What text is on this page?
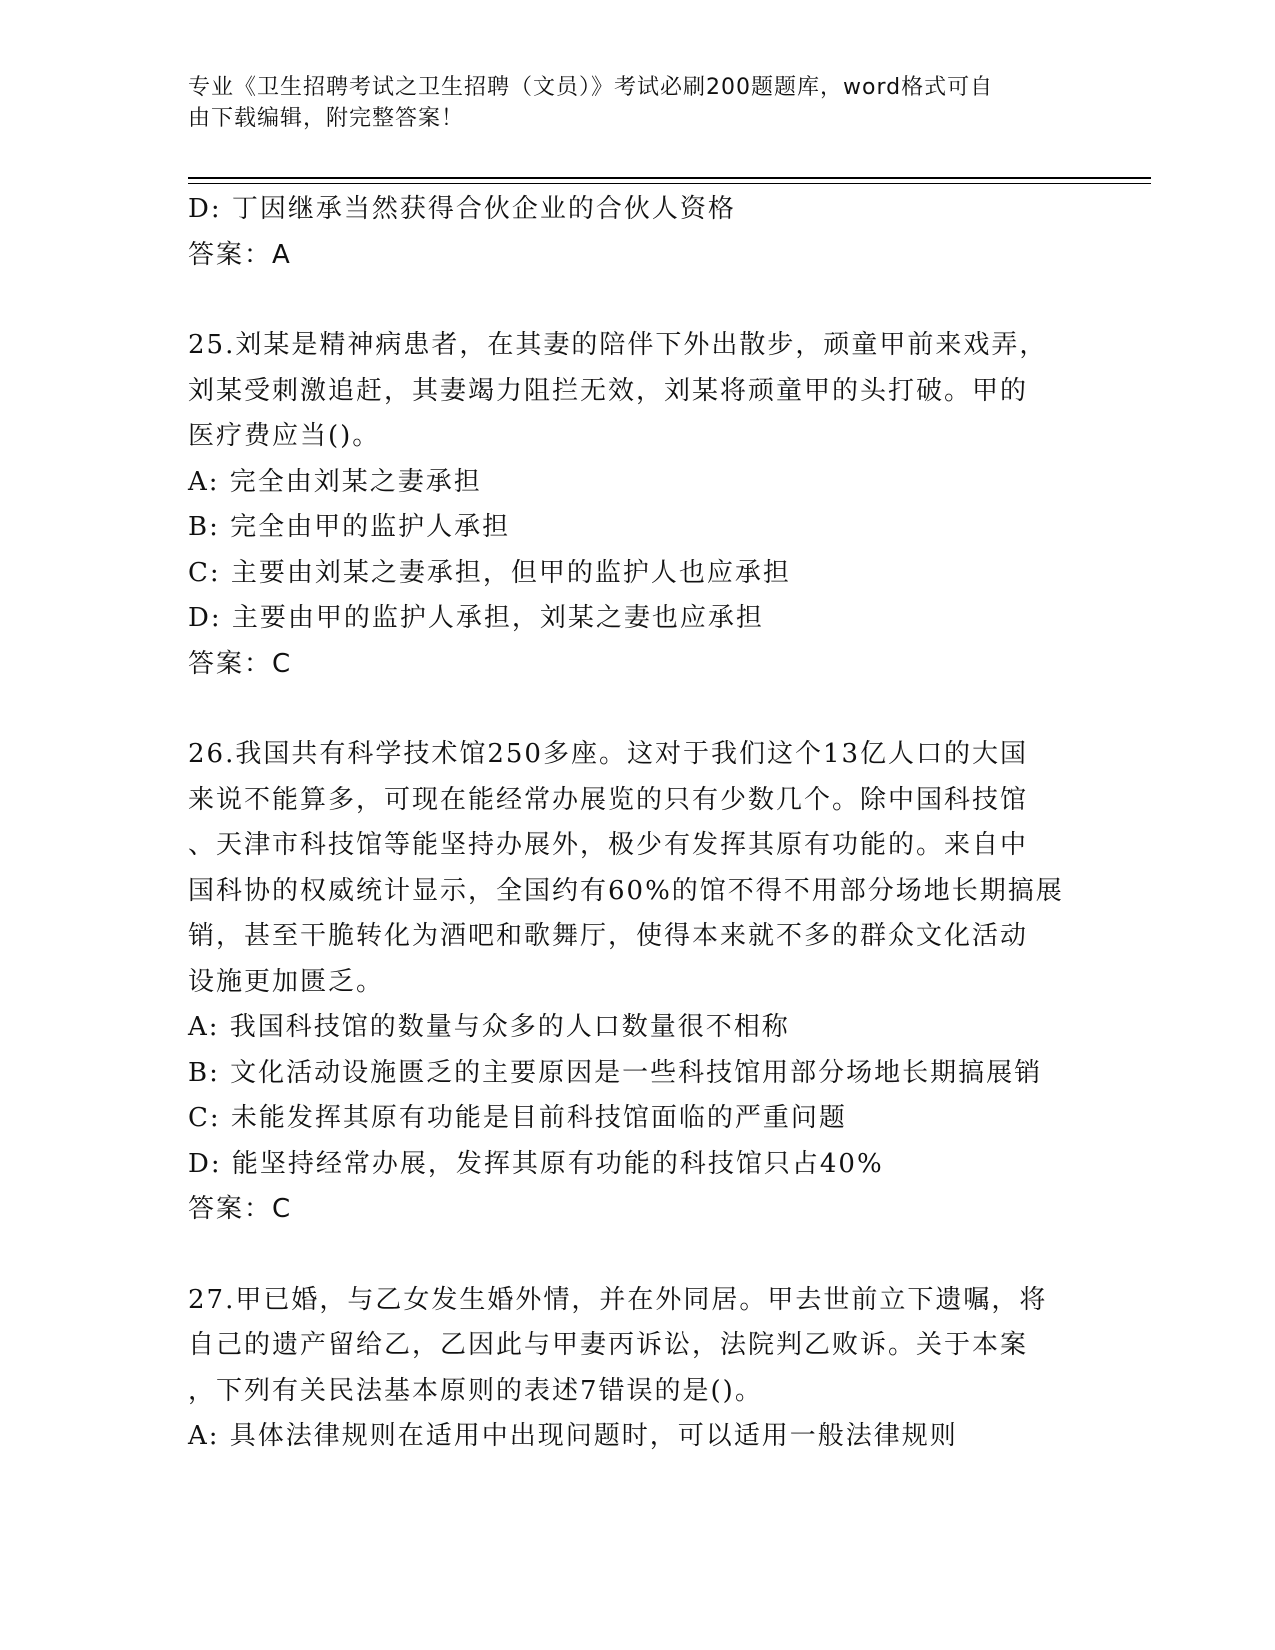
专业《卫生招聘考试之卫生招聘（文员）》考试必刷200题题库，word格式可自
由下载编辑，附完整答案！
D: 丁因继承当然获得合伙企业的合伙人资格
答案：A
25.刘某是精神病患者，在其妻的陪伴下外出散步，顽童甲前来戏弄，
刘某受刺激追赶，其妻竭力阻拦无效，刘某将顽童甲的头打破。甲的
医疗费应当()。
A: 完全由刘某之妻承担
B: 完全由甲的监护人承担
C: 主要由刘某之妻承担，但甲的监护人也应承担
D: 主要由甲的监护人承担，刘某之妻也应承担
答案：C
26.我国共有科学技术馆250多座。这对于我们这个13亿人口的大国
来说不能算多，可现在能经常办展览的只有少数几个。除中国科技馆
、天津市科技馆等能坚持办展外，极少有发挥其原有功能的。来自中
国科协的权威统计显示，全国约有60%的馆不得不用部分场地长期搞展
销，甚至干脆转化为酒吧和歌舞厅，使得本来就不多的群众文化活动
设施更加匮乏。
A: 我国科技馆的数量与众多的人口数量很不相称
B: 文化活动设施匮乏的主要原因是一些科技馆用部分场地长期搞展销
C: 未能发挥其原有功能是目前科技馆面临的严重问题
D: 能坚持经常办展，发挥其原有功能的科技馆只占40%
答案：C
27.甲已婚，与乙女发生婚外情，并在外同居。甲去世前立下遗嘱，将
自己的遗产留给乙，乙因此与甲妻丙诉讼，法院判乙败诉。关于本案
，下列有关民法基本原则的表述7错误的是()。
A: 具体法律规则在适用中出现问题时，可以适用一般法律规则
